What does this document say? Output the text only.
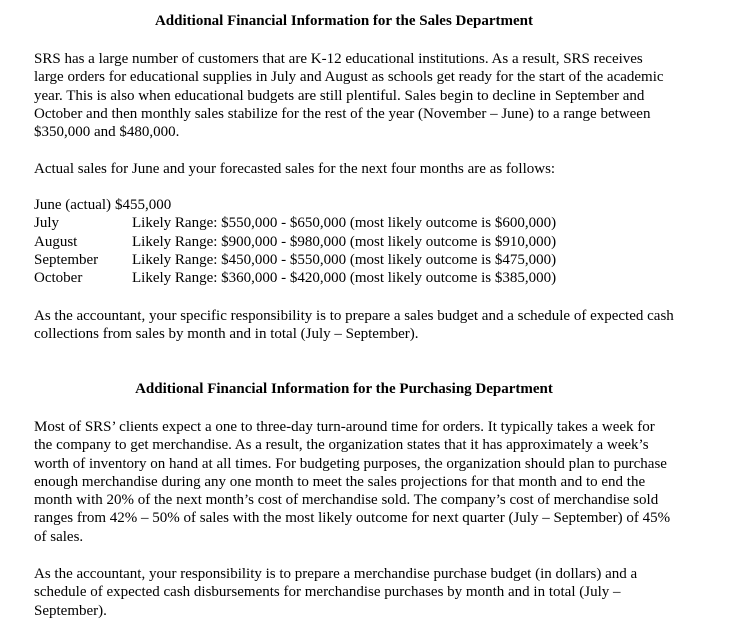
Additional Financial Information for the Sales Department

SRS has a large number of customers that are K-12 educational institutions. As a result, SRS receives large orders for educational supplies in July and August as schools get ready for the start of the academic year. This is also when educational budgets are still plentiful. Sales begin to decline in September and October and then monthly sales stabilize for the rest of the year (November – June) to a range between $350,000 and $480,000.

Actual sales for June and your forecasted sales for the next four months are as follows:

June (actual) $455,000
July	Likely Range: $550,000 - $650,000 (most likely outcome is $600,000)
August	Likely Range: $900,000 - $980,000 (most likely outcome is $910,000)
September	Likely Range: $450,000 - $550,000 (most likely outcome is $475,000)
October	Likely Range: $360,000 - $420,000 (most likely outcome is $385,000)

As the accountant, your specific responsibility is to prepare a sales budget and a schedule of expected cash collections from sales by month and in total (July – September).

Additional Financial Information for the Purchasing Department

Most of SRS’ clients expect a one to three-day turn-around time for orders. It typically takes a week for the company to get merchandise. As a result, the organization states that it has approximately a week’s worth of inventory on hand at all times. For budgeting purposes, the organization should plan to purchase enough merchandise during any one month to meet the sales projections for that month and to end the month with 20% of the next month’s cost of merchandise sold. The company’s cost of merchandise sold ranges from 42% – 50% of sales with the most likely outcome for next quarter (July – September) of 45% of sales.

As the accountant, your responsibility is to prepare a merchandise purchase budget (in dollars) and a schedule of expected cash disbursements for merchandise purchases by month and in total (July – September).
